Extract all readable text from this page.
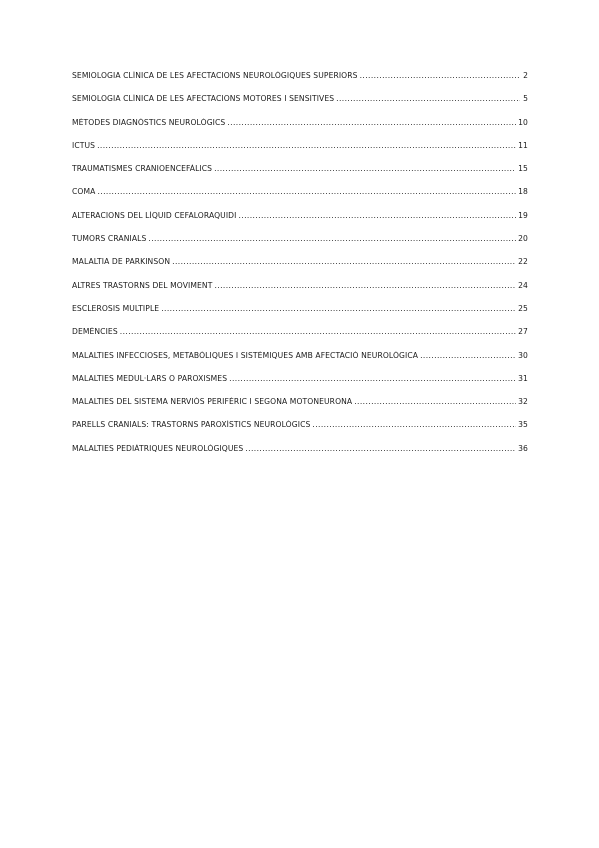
SEMIOLOGIA CLÍNICA DE LES AFECTACIONS NEUROLÒGIQUES SUPERIORS .....	2
SEMIOLOGIA CLÍNICA DE LES AFECTACIONS MOTORES I SENSITIVES .....	5
MÈTODES DIAGNÒSTICS NEUROLÒGICS .....	10
ICTUS .....	11
TRAUMATISMES CRANIOENCEFÀLICS .....	15
COMA .....	18
ALTERACIONS DEL LÍQUID CEFALORAQUIDI .....	19
TUMORS CRANIALS .....	20
MALALTIA DE PARKINSON .....	22
ALTRES TRASTORNS DEL MOVIMENT .....	24
ESCLEROSIS MULTIPLE .....	25
DEMÈNCIES .....	27
MALALTIES INFECCIOSES, METABÒLIQUES I SISTÈMIQUES AMB AFECTACIÓ NEUROLÓGICA .....	30
MALALTIES MEDUL·LARS O PAROXISMES .....	31
MALALTIES DEL SISTEMA NERVIÓS PERIFÈRIC I SEGONA MOTONEURONA .....	32
PARELLS CRANIALS: TRASTORNS PAROXÍSTICS NEUROLÒGICS .....	35
MALALTIES PEDIÀTRIQUES NEUROLÒGIQUES .....	36
